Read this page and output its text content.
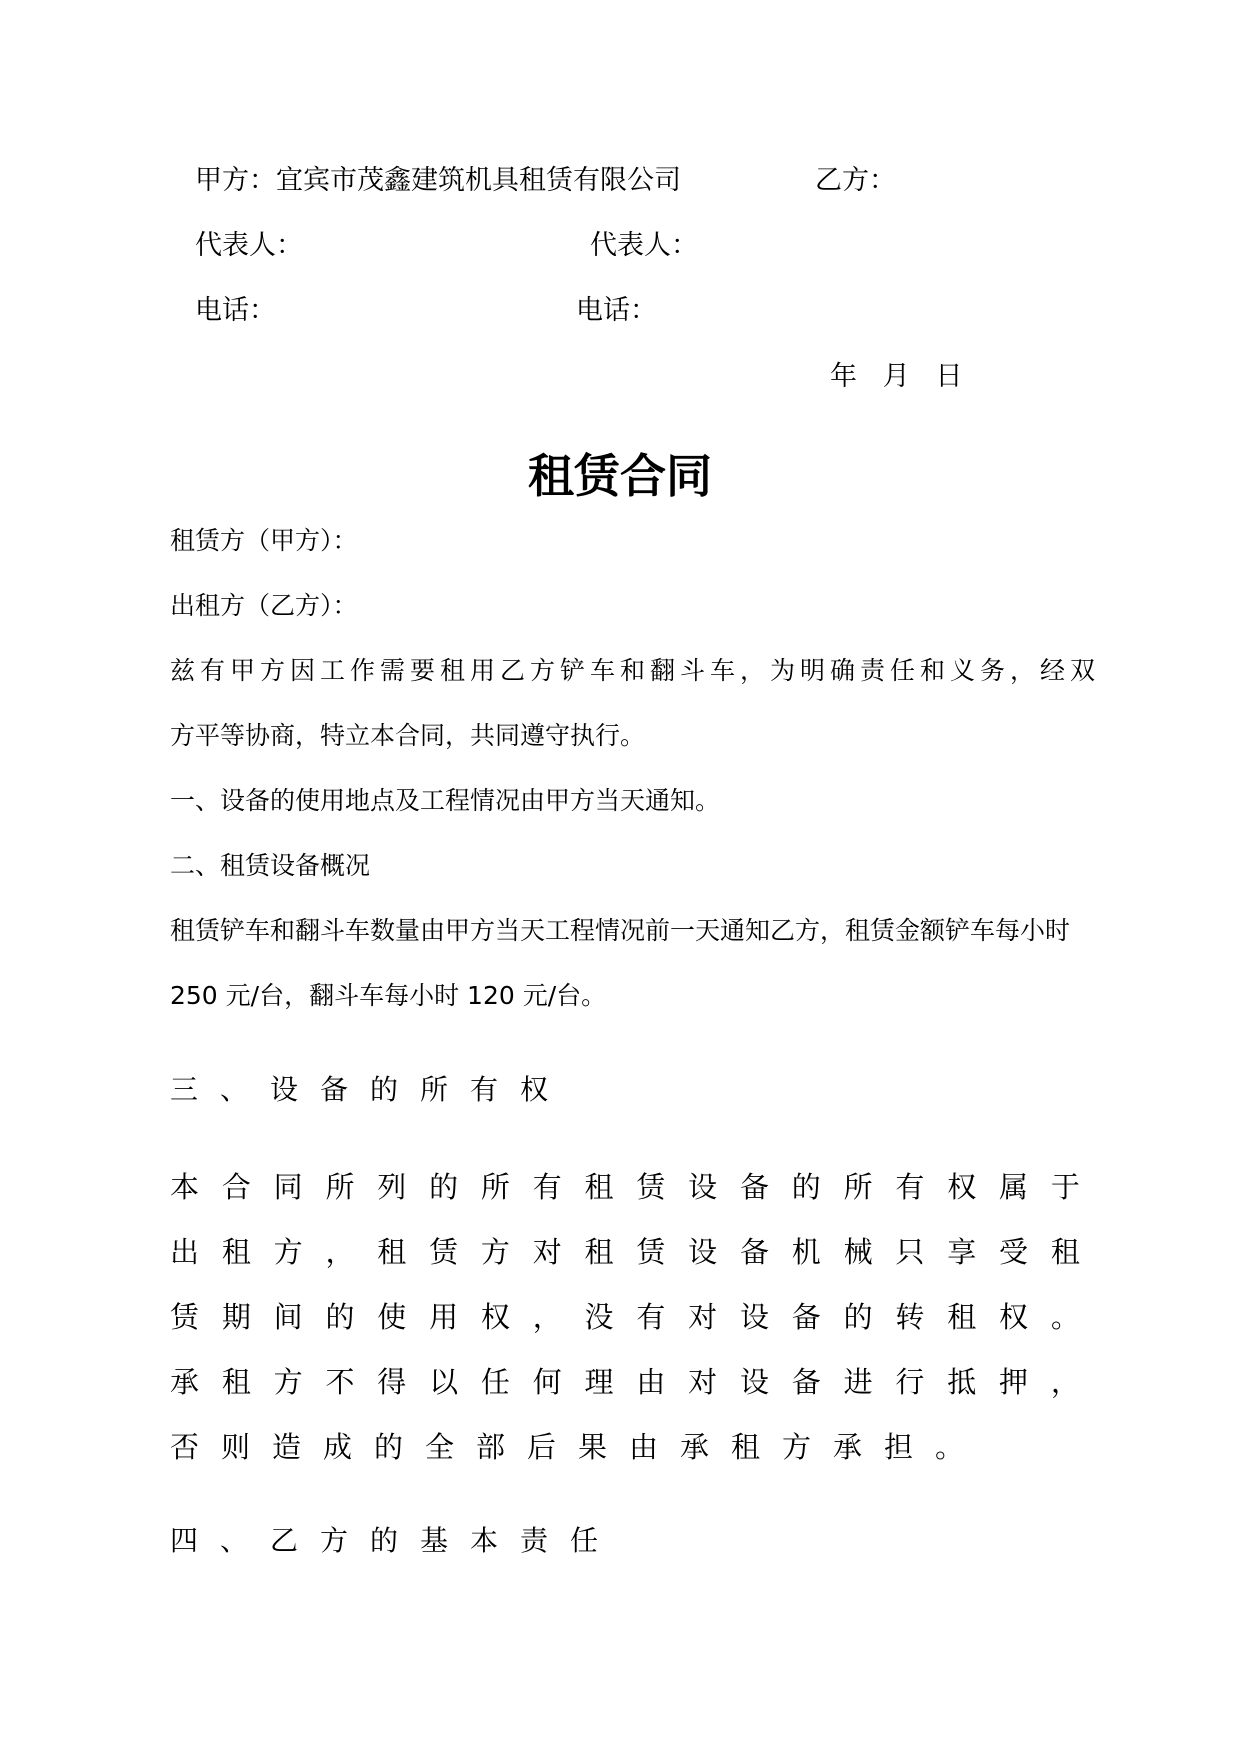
甲方：宜宾市茂鑫建筑机具租赁有限公司	乙方：
代表人：	代表人：
电话：	电话：
年   月   日
租赁合同
租赁方（甲方）：
出租方（乙方）：
兹有甲方因工作需要租用乙方铲车和翻斗车，为明确责任和义务，经双
方平等协商，特立本合同，共同遵守执行。
一、设备的使用地点及工程情况由甲方当天通知。
二、租赁设备概况
租赁铲车和翻斗车数量由甲方当天工程情况前一天通知乙方，租赁金额铲车每小时
250 元/台，翻斗车每小时 120 元/台。
三、设备的所有权
本 合 同 所 列 的 所 有 租 赁 设 备 的 所 有 权 属 于
出 租 方 ， 租 赁 方 对 租 赁 设 备 机 械 只 享 受 租
赁 期 间 的 使 用 权 ， 没 有 对 设 备 的 转 租 权 。
承 租 方 不 得 以 任 何 理 由 对 设 备 进 行 抵 押 ，
否则造成的全部后果由承租方承担。
四、乙方的基本责任
